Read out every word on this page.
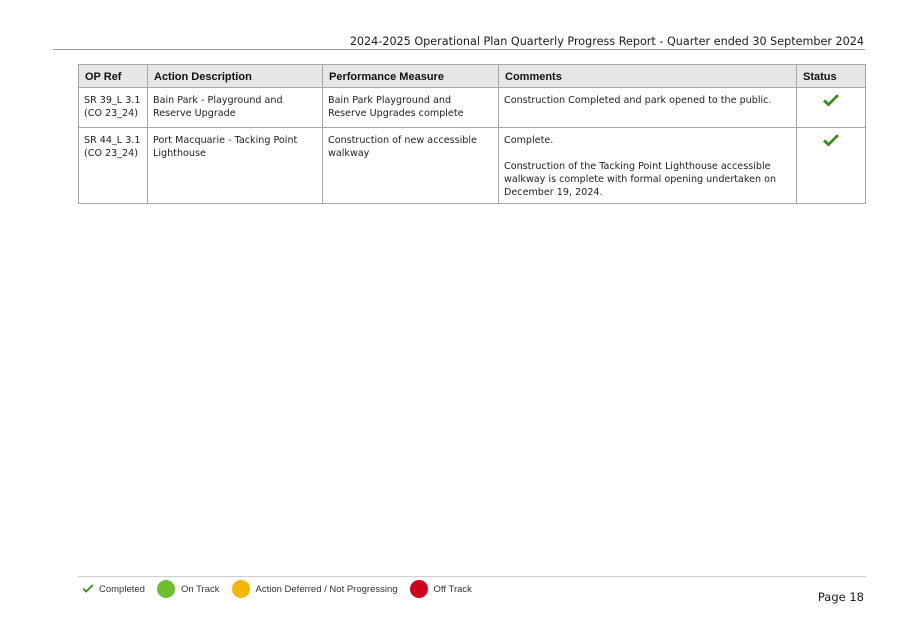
2024-2025 Operational Plan Quarterly Progress Report - Quarter ended 30 September 2024
OP Ref	Action Description	Performance Measure	Comments	Status
SR 39_L 3.1
(CO 23_24)	Bain Park - Playground and Reserve Upgrade	Bain Park Playground and Reserve Upgrades complete	Construction Completed and park opened to the public.

SR 44_L 3.1
(CO 23_24)	Port Macquarie - Tacking Point Lighthouse	Construction of new accessible walkway	Complete.
Construction of the Tacking Point Lighthouse accessible walkway is complete with formal opening undertaken on December 19, 2024.

Completed	On Track	Action Deferred / Not Progressing	Off Track
Page 18
